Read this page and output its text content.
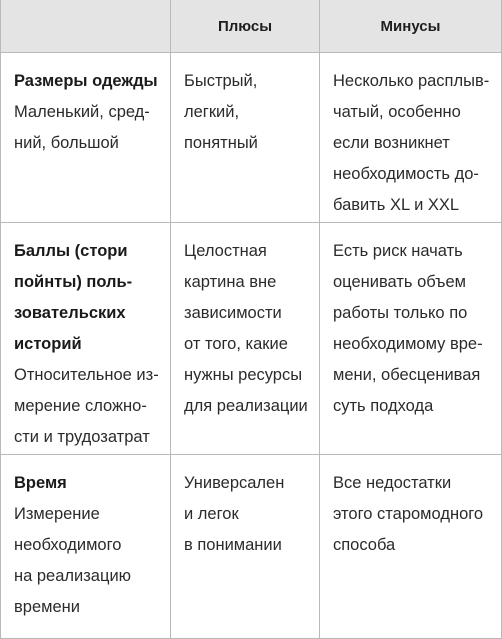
Плюсы	Минусы
Размеры одежды
Маленький, сред-
ний, большой
Быстрый,
легкий,
понятный
Несколько расплыв-
чатый, особенно
если возникнет
необходимость до-
бавить XL и XXL
Баллы (стори
пойнты) поль-
зовательских
историй
Относительное из-
мерение сложно-
сти и трудозатрат
Целостная
картина вне
зависимости
от того, какие
нужны ресурсы
для реализации
Есть риск начать
оценивать объем
работы только по
необходимому вре-
мени, обесценивая
суть подхода
Время
Измерение
необходимого
на реализацию
времени
Универсален
и легок
в понимании
Все недостатки
этого старомодного
способа
